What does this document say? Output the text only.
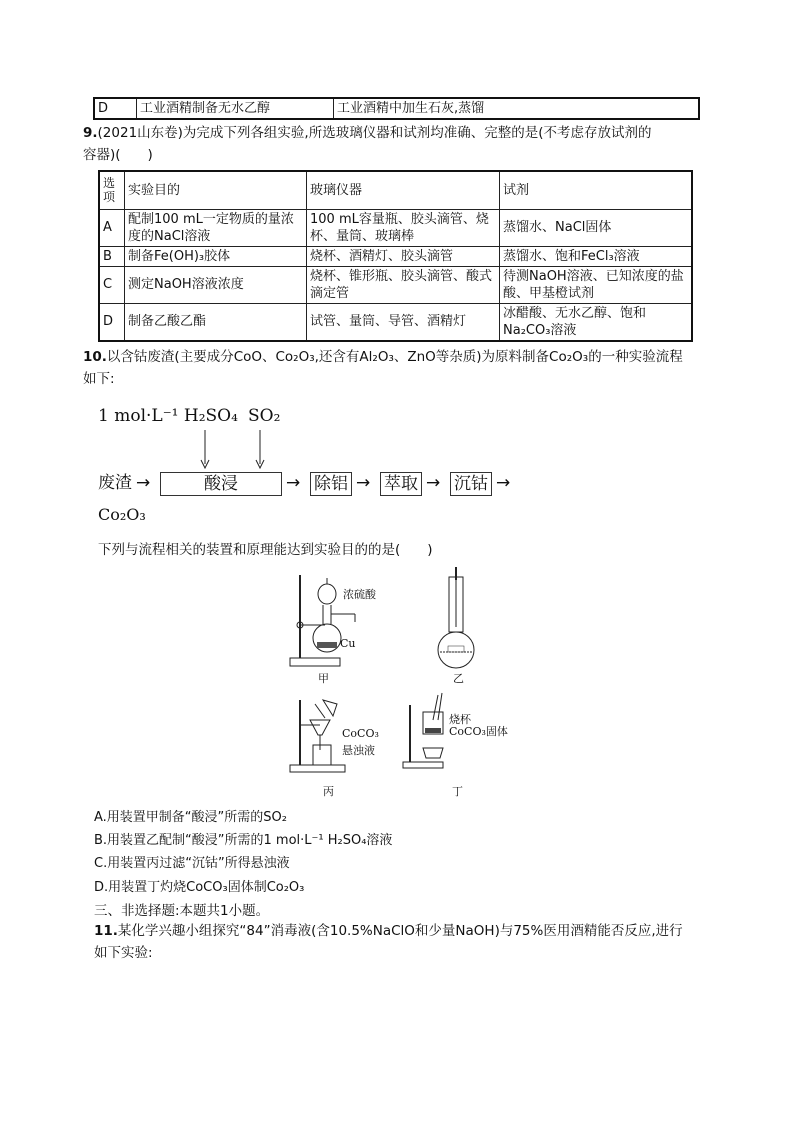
D	工业酒精制备无水乙醇	工业酒精中加生石灰,蒸馏
9.(2021山东卷)为完成下列各组实验,所选玻璃仪器和试剂均准确、完整的是(不考虑存放试剂的
容器)(　　)
选项	实验目的	玻璃仪器	试剂
A	配制100 mL一定物质的量浓度的NaCl溶液	100 mL容量瓶、胶头滴管、烧杯、量筒、玻璃棒	蒸馏水、NaCl固体
B	制备Fe(OH)₃胶体	烧杯、酒精灯、胶头滴管	蒸馏水、饱和FeCl₃溶液
C	测定NaOH溶液浓度	烧杯、锥形瓶、胶头滴管、酸式滴定管	待测NaOH溶液、已知浓度的盐酸、甲基橙试剂
D	制备乙酸乙酯	试管、量筒、导管、酒精灯	冰醋酸、无水乙醇、饱和Na₂CO₃溶液
10.以含钴废渣(主要成分CoO、Co₂O₃,还含有Al₂O₃、ZnO等杂质)为原料制备Co₂O₃的一种实验流程
如下:
1 mol·L⁻¹ H₂SO₄ SO₂
废渣 →	酸浸	→ 除铝 → 萃取 → 沉钴 →
Co₂O₃
下列与流程相关的装置和原理能达到实验目的的是(　　)
浓硫酸
Cu
甲	乙
CoCO₃
悬浊液
丙
烧杯
CoCO₃固体
丁
A.用装置甲制备“酸浸”所需的SO₂
B.用装置乙配制“酸浸”所需的1 mol·L⁻¹ H₂SO₄溶液
C.用装置丙过滤“沉钴”所得悬浊液
D.用装置丁灼烧CoCO₃固体制Co₂O₃
三、非选择题:本题共1小题。
11.某化学兴趣小组探究“84”消毒液(含10.5%NaClO和少量NaOH)与75%医用酒精能否反应,进行
如下实验:
